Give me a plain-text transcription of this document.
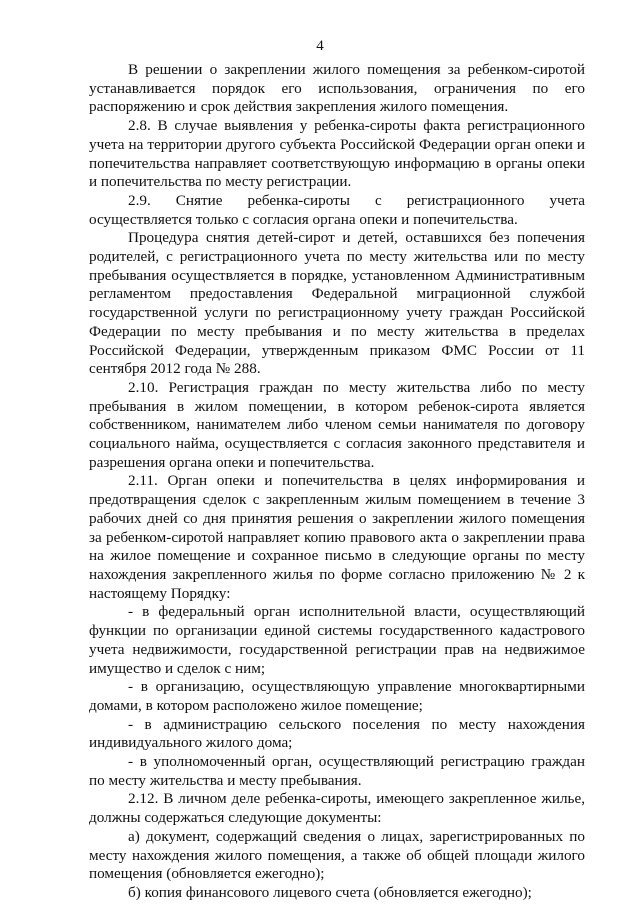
4

В решении о закреплении жилого помещения за ребенком-сиротой устанавливается порядок его использования, ограничения по его распоряжению и срок действия закрепления жилого помещения.

2.8. В случае выявления у ребенка-сироты факта регистрационного учета на территории другого субъекта Российской Федерации орган опеки и попечительства направляет соответствующую информацию в органы опеки и попечительства по месту регистрации.

2.9. Снятие ребенка-сироты с регистрационного учета осуществляется только с согласия органа опеки и попечительства.

Процедура снятия детей-сирот и детей, оставшихся без попечения родителей, с регистрационного учета по месту жительства или по месту пребывания осуществляется в порядке, установленном Административным регламентом предоставления Федеральной миграционной службой государственной услуги по регистрационному учету граждан Российской Федерации по месту пребывания и по месту жительства в пределах Российской Федерации, утвержденным приказом ФМС России от 11 сентября 2012 года № 288.

2.10. Регистрация граждан по месту жительства либо по месту пребывания в жилом помещении, в котором ребенок-сирота является собственником, нанимателем либо членом семьи нанимателя по договору социального найма, осуществляется с согласия законного представителя и разрешения органа опеки и попечительства.

2.11. Орган опеки и попечительства в целях информирования и предотвращения сделок с закрепленным жилым помещением в течение 3 рабочих дней со дня принятия решения о закреплении жилого помещения за ребенком-сиротой направляет копию правового акта о закреплении права на жилое помещение и сохранное письмо в следующие органы по месту нахождения закрепленного жилья по форме согласно приложению № 2 к настоящему Порядку:

- в федеральный орган исполнительной власти, осуществляющий функции по организации единой системы государственного кадастрового учета недвижимости, государственной регистрации прав на недвижимое имущество и сделок с ним;

- в организацию, осуществляющую управление многоквартирными домами, в котором расположено жилое помещение;

- в администрацию сельского поселения по месту нахождения индивидуального жилого дома;

- в уполномоченный орган, осуществляющий регистрацию граждан по месту жительства и месту пребывания.

2.12. В личном деле ребенка-сироты, имеющего закрепленное жилье, должны содержаться следующие документы:

а) документ, содержащий сведения о лицах, зарегистрированных по месту нахождения жилого помещения, а также об общей площади жилого помещения (обновляется ежегодно);

б) копия финансового лицевого счета (обновляется ежегодно);
